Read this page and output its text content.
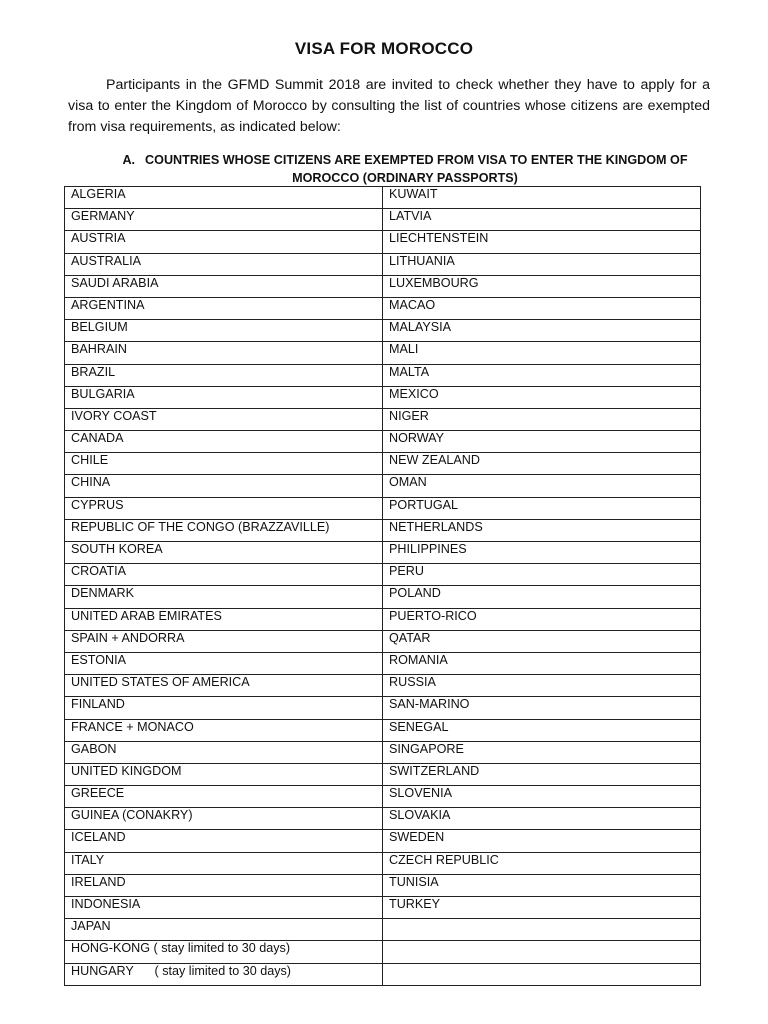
VISA FOR MOROCCO
Participants in the GFMD Summit 2018 are invited to check whether they have to apply for a visa to enter the Kingdom of Morocco by consulting the list of countries whose citizens are exempted from visa requirements, as indicated below:
A. COUNTRIES WHOSE CITIZENS ARE EXEMPTED FROM VISA TO ENTER THE KINGDOM OF MOROCCO (ORDINARY PASSPORTS)
ALGERIA	KUWAIT
GERMANY	LATVIA
AUSTRIA	LIECHTENSTEIN
AUSTRALIA	LITHUANIA
SAUDI ARABIA	LUXEMBOURG
ARGENTINA	MACAO
BELGIUM	MALAYSIA
BAHRAIN	MALI
BRAZIL	MALTA
BULGARIA	MEXICO
IVORY COAST	NIGER
CANADA	NORWAY
CHILE	NEW ZEALAND
CHINA	OMAN
CYPRUS	PORTUGAL
REPUBLIC OF THE CONGO (BRAZZAVILLE)	NETHERLANDS
SOUTH KOREA	PHILIPPINES
CROATIA	PERU
DENMARK	POLAND
UNITED ARAB EMIRATES	PUERTO-RICO
SPAIN + ANDORRA	QATAR
ESTONIA	ROMANIA
UNITED STATES OF AMERICA	RUSSIA
FINLAND	SAN-MARINO
FRANCE + MONACO	SENEGAL
GABON	SINGAPORE
UNITED KINGDOM	SWITZERLAND
GREECE	SLOVENIA
GUINEA (CONAKRY)	SLOVAKIA
ICELAND	SWEDEN
ITALY	CZECH REPUBLIC
IRELAND	TUNISIA
INDONESIA	TURKEY
JAPAN	
HONG-KONG ( stay limited to 30 days)	
HUNGARY      ( stay limited to 30 days)	
